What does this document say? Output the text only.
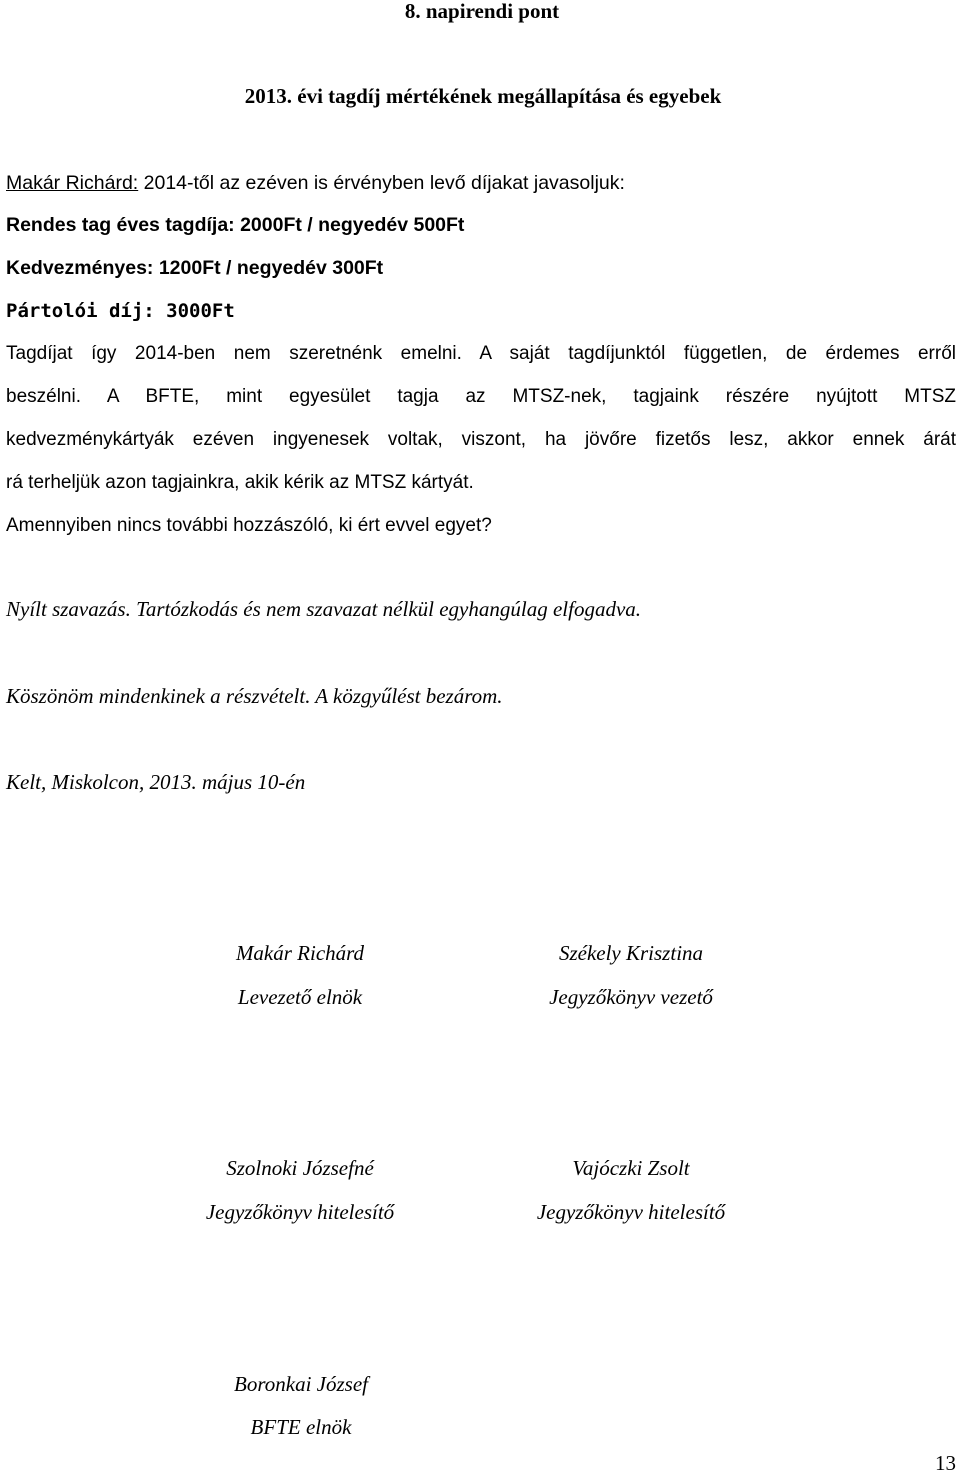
8. napirendi pont
2013. évi tagdíj mértékének megállapítása és egyebek
Makár Richárd: 2014-től az ezéven is érvényben levő díjakat javasoljuk:
Rendes tag éves tagdíja: 2000Ft / negyedév 500Ft
Kedvezményes: 1200Ft / negyedév 300Ft
Pártolói díj: 3000Ft
Tagdíjat így 2014-ben nem szeretnénk emelni. A saját tagdíjunktól független, de érdemes erről
beszélni. A BFTE, mint egyesület tagja az MTSZ-nek, tagjaink részére nyújtott MTSZ
kedvezménykártyák ezéven ingyenesek voltak, viszont, ha jövőre fizetős lesz, akkor ennek árát
rá terheljük azon tagjainkra, akik kérik az MTSZ kártyát.
Amennyiben nincs további hozzászóló, ki ért evvel egyet?
Nyílt szavazás. Tartózkodás és nem szavazat nélkül egyhangúlag elfogadva.
Köszönöm mindenkinek a részvételt. A közgyűlést bezárom.
Kelt, Miskolcon, 2013. május 10-én
Makár Richárd
Levezető elnök
Székely Krisztina
Jegyzőkönyv vezető
Szolnoki Józsefné
Jegyzőkönyv hitelesítő
Vajóczki Zsolt
Jegyzőkönyv hitelesítő
Boronkai József
BFTE elnök
13
